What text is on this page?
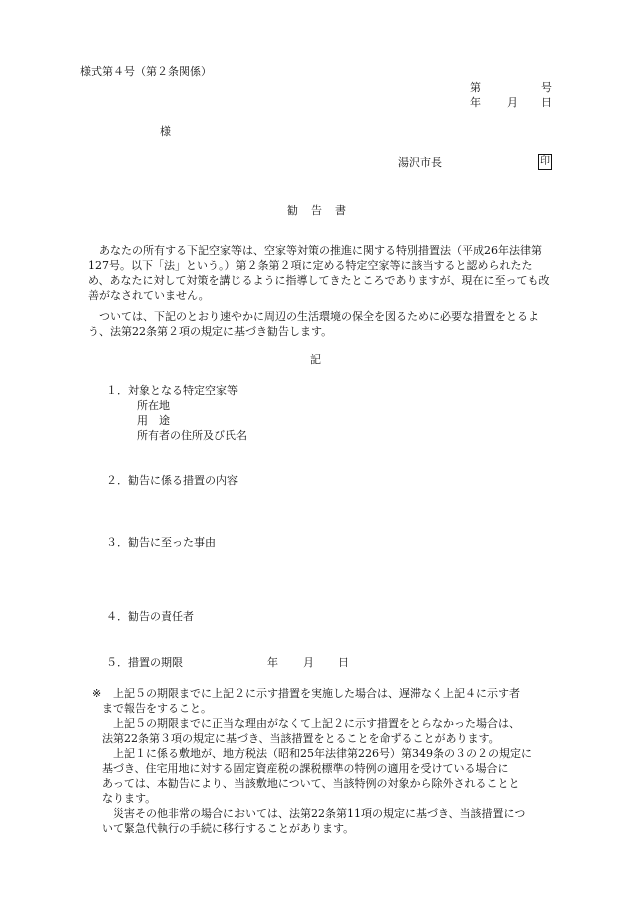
様式第４号（第２条関係）
第	号
年 月 日
様
湯沢市長	印
勧　告　書
あなたの所有する下記空家等は、空家等対策の推進に関する特別措置法（平成26年法律第127号。以下「法」という。）第２条第２項に定める特定空家等に該当すると認められたため、あなたに対して対策を講じるように指導してきたところでありますが、現在に至っても改善がなされていません。
ついては、下記のとおり速やかに周辺の生活環境の保全を図るために必要な措置をとるよう、法第22条第２項の規定に基づき勧告します。
記
１．対象となる特定空家等
所在地
用　途
所有者の住所及び氏名
２．勧告に係る措置の内容
３．勧告に至った事由
４．勧告の責任者
５．措置の期限	年 月 日
※	上記５の期限までに上記２に示す措置を実施した場合は、遅滞なく上記４に示す者
まで報告をすること。
上記５の期限までに正当な理由がなくて上記２に示す措置をとらなかった場合は、
法第22条第３項の規定に基づき、当該措置をとることを命ずることがあります。
上記１に係る敷地が、地方税法（昭和25年法律第226号）第349条の３の２の規定に
基づき、住宅用地に対する固定資産税の課税標準の特例の適用を受けている場合に
あっては、本勧告により、当該敷地について、当該特例の対象から除外されることと
なります。
災害その他非常の場合においては、法第22条第11項の規定に基づき、当該措置につ
いて緊急代執行の手続に移行することがあります。
